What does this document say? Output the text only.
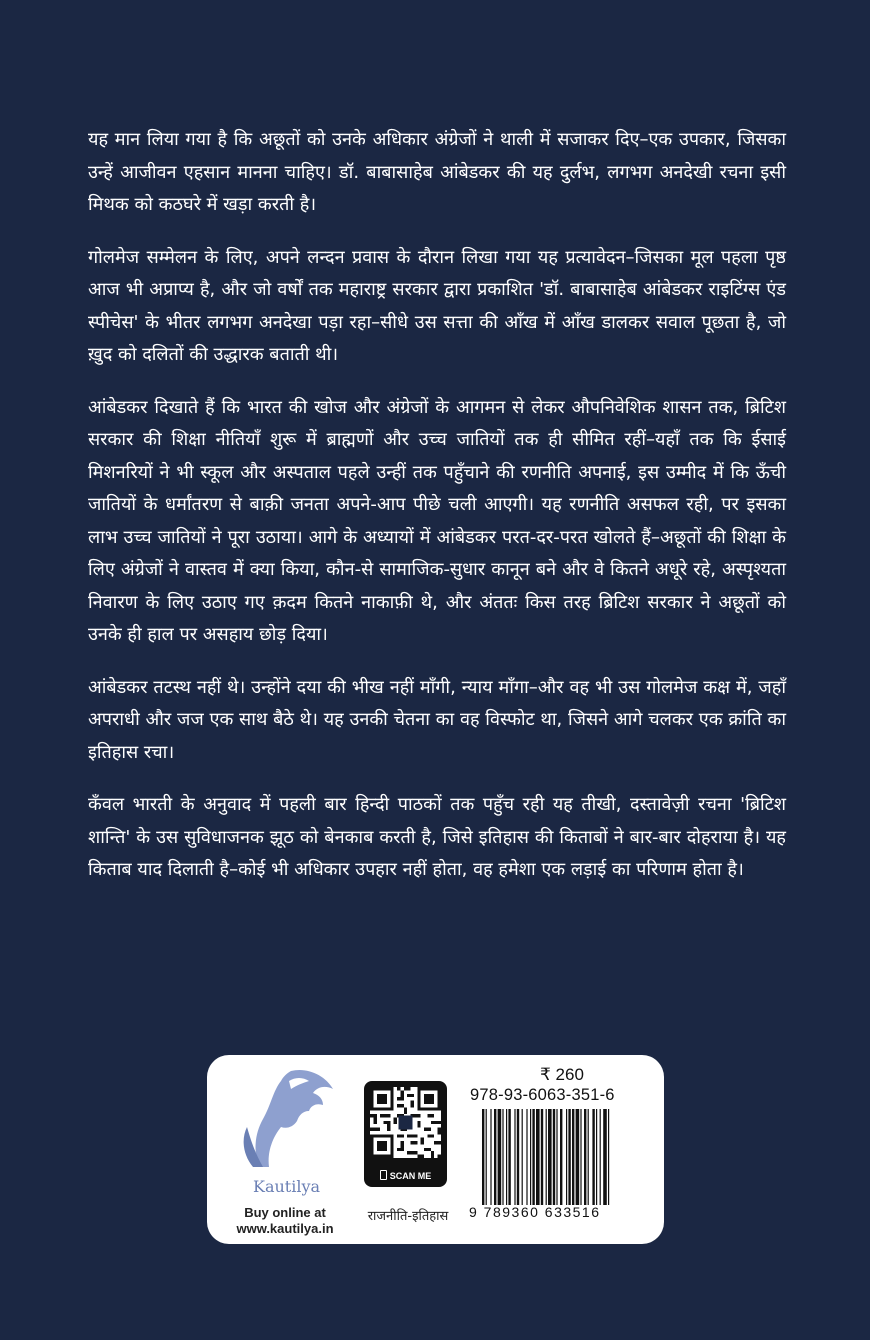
यह मान लिया गया है कि अछूतों को उनके अधिकार अंग्रेजों ने थाली में सजाकर दिए–एक उपकार, जिसका उन्हें आजीवन एहसान मानना चाहिए। डॉ. बाबासाहेब आंबेडकर की यह दुर्लभ, लगभग अनदेखी रचना इसी मिथक को कठघरे में खड़ा करती है।

गोलमेज सम्मेलन के लिए, अपने लन्दन प्रवास के दौरान लिखा गया यह प्रत्यावेदन–जिसका मूल पहला पृष्ठ आज भी अप्राप्य है, और जो वर्षों तक महाराष्ट्र सरकार द्वारा प्रकाशित 'डॉ. बाबासाहेब आंबेडकर राइटिंग्स एंड स्पीचेस' के भीतर लगभग अनदेखा पड़ा रहा–सीधे उस सत्ता की आँख में आँख डालकर सवाल पूछता है, जो ख़ुद को दलितों की उद्धारक बताती थी।

आंबेडकर दिखाते हैं कि भारत की खोज और अंग्रेजों के आगमन से लेकर औपनिवेशिक शासन तक, ब्रिटिश सरकार की शिक्षा नीतियाँ शुरू में ब्राह्मणों और उच्च जातियों तक ही सीमित रहीं–यहाँ तक कि ईसाई मिशनरियों ने भी स्कूल और अस्पताल पहले उन्हीं तक पहुँचाने की रणनीति अपनाई, इस उम्मीद में कि ऊँची जातियों के धर्मांतरण से बाक़ी जनता अपने-आप पीछे चली आएगी। यह रणनीति असफल रही, पर इसका लाभ उच्च जातियों ने पूरा उठाया। आगे के अध्यायों में आंबेडकर परत-दर-परत खोलते हैं–अछूतों की शिक्षा के लिए अंग्रेजों ने वास्तव में क्या किया, कौन-से सामाजिक-सुधार कानून बने और वे कितने अधूरे रहे, अस्पृश्यता निवारण के लिए उठाए गए क़दम कितने नाकाफ़ी थे, और अंततः किस तरह ब्रिटिश सरकार ने अछूतों को उनके ही हाल पर असहाय छोड़ दिया।

आंबेडकर तटस्थ नहीं थे। उन्होंने दया की भीख नहीं माँगी, न्याय माँगा–और वह भी उस गोलमेज कक्ष में, जहाँ अपराधी और जज एक साथ बैठे थे। यह उनकी चेतना का वह विस्फोट था, जिसने आगे चलकर एक क्रांति का इतिहास रचा।

कँवल भारती के अनुवाद में पहली बार हिन्दी पाठकों तक पहुँच रही यह तीखी, दस्तावेज़ी रचना 'ब्रिटिश शान्ति' के उस सुविधाजनक झूठ को बेनकाब करती है, जिसे इतिहास की किताबों ने बार-बार दोहराया है। यह किताब याद दिलाती है–कोई भी अधिकार उपहार नहीं होता, वह हमेशा एक लड़ाई का परिणाम होता है।

Kautilya
Buy online at
www.kautilya.in
SCAN ME
राजनीति-इतिहास
₹ 260
978-93-6063-351-6
9 789360 633516
